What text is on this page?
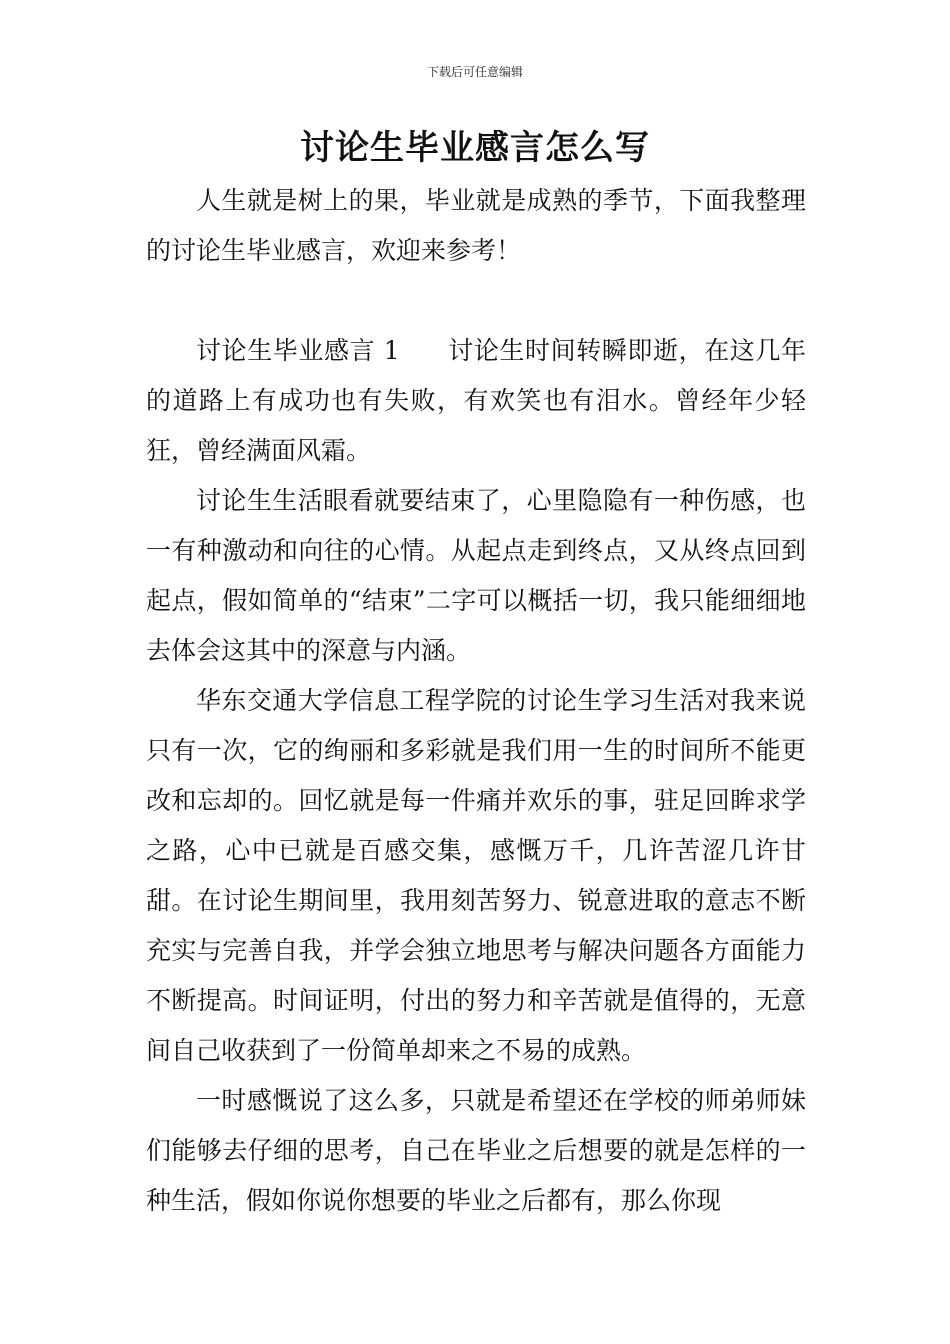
下载后可任意编辑
讨论生毕业感言怎么写

人生就是树上的果，毕业就是成熟的季节，下面我整理的讨论生毕业感言，欢迎来参考！

讨论生毕业感言 1 讨论生时间转瞬即逝，在这几年的道路上有成功也有失败，有欢笑也有泪水。曾经年少轻狂，曾经满面风霜。

讨论生生活眼看就要结束了，心里隐隐有一种伤感，也一有种激动和向往的心情。从起点走到终点，又从终点回到起点，假如简单的“结束”二字可以概括一切，我只能细细地去体会这其中的深意与内涵。

华东交通大学信息工程学院的讨论生学习生活对我来说只有一次，它的绚丽和多彩就是我们用一生的时间所不能更改和忘却的。回忆就是每一件痛并欢乐的事，驻足回眸求学之路，心中已就是百感交集，感慨万千，几许苦涩几许甘甜。在讨论生期间里，我用刻苦努力、锐意进取的意志不断充实与完善自我，并学会独立地思考与解决问题各方面能力不断提高。时间证明，付出的努力和辛苦就是值得的，无意间自己收获到了一份简单却来之不易的成熟。

一时感慨说了这么多，只就是希望还在学校的师弟师妹们能够去仔细的思考，自己在毕业之后想要的就是怎样的一种生活，假如你说你想要的毕业之后都有，那么你现
